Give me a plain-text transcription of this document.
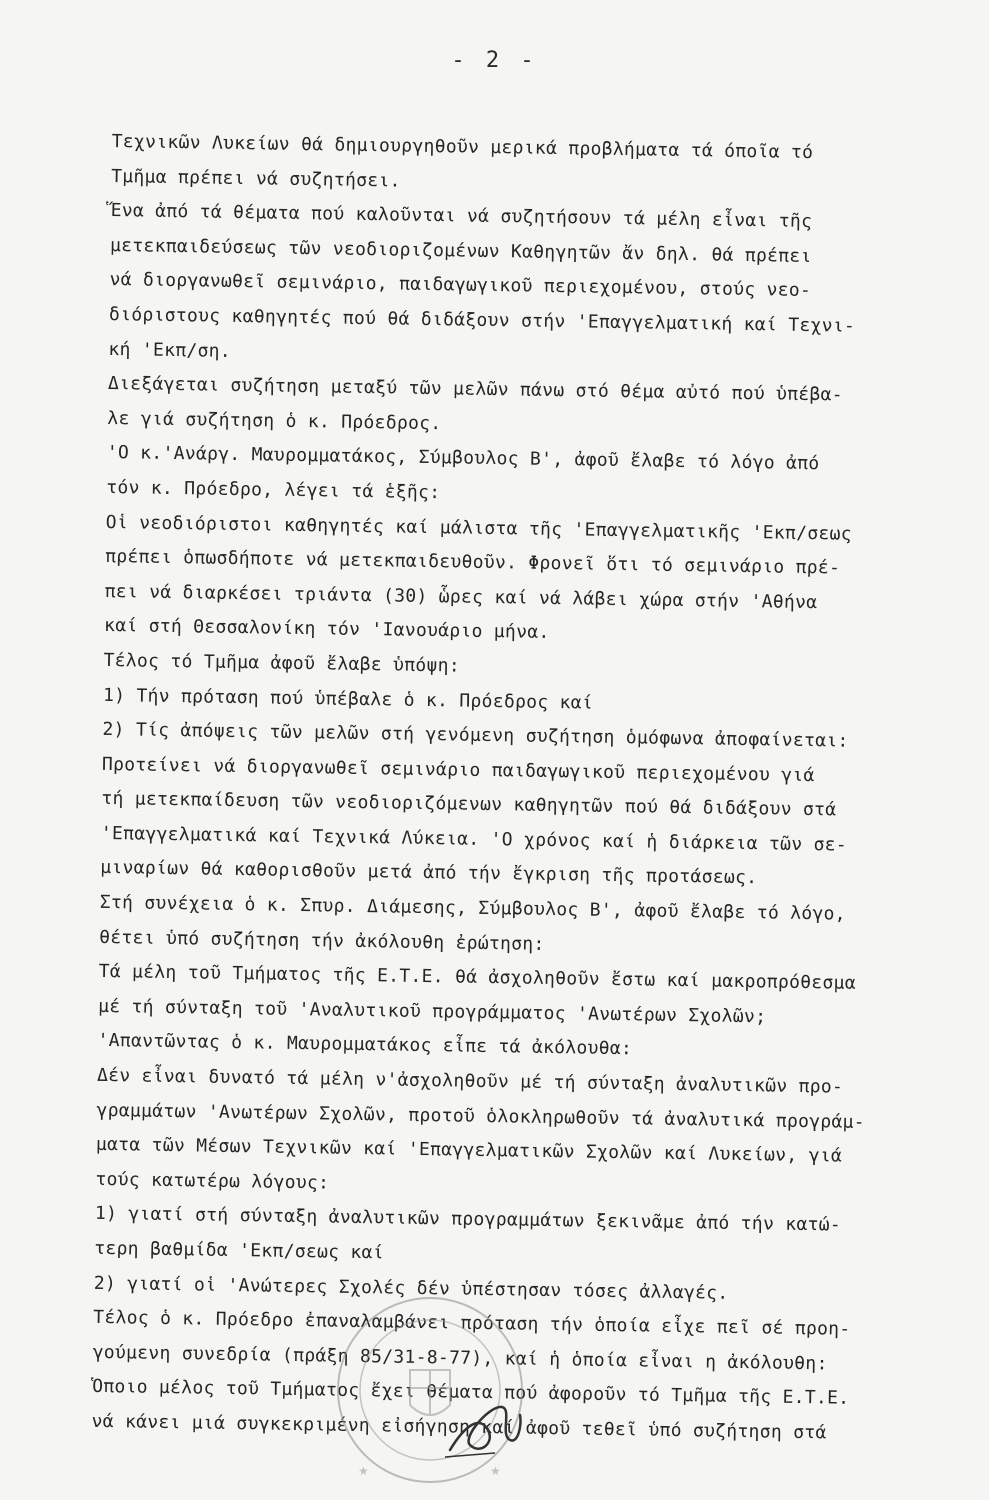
- 2 -
Τεχνικῶν Λυκείων θά δημιουργηθοῦν μερικά προβλήματα τά όποῖα τό
Τμῆμα πρέπει νά συζητήσει.
Ἕνα ἀπό τά θέματα πού καλοῦνται νά συζητήσουν τά μέλη εἶναι τῆς
μετεκπαιδεύσεως τῶν νεοδιοριζομένων Καθηγητῶν ἄν δηλ. θά πρέπει
νά διοργανωθεῖ σεμινάριο, παιδαγωγικοῦ περιεχομένου, στούς νεο-
διόριστους καθηγητές πού θά διδάξουν στήν 'Επαγγελματική καί Τεχνι-
κή 'Εκπ/ση.
Διεξάγεται συζήτηση μεταξύ τῶν μελῶν πάνω στό θέμα αὐτό πού ὑπέβα-
λε γιά συζήτηση ὁ κ. Πρόεδρος.
'Ο κ.'Ανάργ. Μαυρομματάκος, Σύμβουλος Β', ἀφοῦ ἔλαβε τό λόγο ἀπό
τόν κ. Πρόεδρο, λέγει τά ἑξῆς:
Οἱ νεοδιόριστοι καθηγητές καί μάλιστα τῆς 'Επαγγελματικῆς 'Εκπ/σεως
πρέπει ὁπωσδήποτε νά μετεκπαιδευθοῦν. Φρονεῖ ὅτι τό σεμινάριο πρέ-
πει νά διαρκέσει τριάντα (30) ὧρες καί νά λάβει χώρα στήν 'Αθήνα
καί στή Θεσσαλονίκη τόν 'Ιανουάριο μήνα.
Τέλος τό Τμῆμα ἀφοῦ ἔλαβε ὑπόψη:
1) Τήν πρόταση πού ὑπέβαλε ὁ κ. Πρόεδρος καί
2) Τίς ἀπόψεις τῶν μελῶν στή γενόμενη συζήτηση ὁμόφωνα ἀποφαίνεται:
Προτείνει νά διοργανωθεῖ σεμινάριο παιδαγωγικοῦ περιεχομένου γιά
τή μετεκπαίδευση τῶν νεοδιοριζόμενων καθηγητῶν πού θά διδάξουν στά
'Επαγγελματικά καί Τεχνικά Λύκεια. 'Ο χρόνος καί ἡ διάρκεια τῶν σε-
μιναρίων θά καθορισθοῦν μετά ἀπό τήν ἔγκριση τῆς προτάσεως.
Στή συνέχεια ὁ κ. Σπυρ. Διάμεσης, Σύμβουλος Β', ἀφοῦ ἔλαβε τό λόγο,
θέτει ὑπό συζήτηση τήν ἀκόλουθη ἐρώτηση:
Τά μέλη τοῦ Τμήματος τῆς Ε.Τ.Ε. θά ἀσχοληθοῦν ἔστω καί μακροπρόθεσμα
μέ τή σύνταξη τοῦ 'Αναλυτικοῦ προγράμματος 'Ανωτέρων Σχολῶν;
'Απαντῶντας ὁ κ. Μαυρομματάκος εἶπε τά ἀκόλουθα:
Δέν εἶναι δυνατό τά μέλη ν'ἀσχοληθοῦν μέ τή σύνταξη ἀναλυτικῶν προ-
γραμμάτων 'Ανωτέρων Σχολῶν, προτοῦ ὁλοκληρωθοῦν τά ἀναλυτικά προγράμ-
ματα τῶν Μέσων Τεχνικῶν καί 'Επαγγελματικῶν Σχολῶν καί Λυκείων, γιά
τούς κατωτέρω λόγους:
1) γιατί στή σύνταξη ἀναλυτικῶν προγραμμάτων ξεκινᾶμε ἀπό τήν κατώ-
τερη βαθμίδα 'Εκπ/σεως καί
2) γιατί οἱ 'Ανώτερες Σχολές δέν ὑπέστησαν τόσες ἀλλαγές.
Τέλος ὁ κ. Πρόεδρο ἐπαναλαμβάνει πρόταση τήν ὁποία εἶχε πεῖ σέ προη-
γούμενη συνεδρία (πράξη 85/31-8-77), καί ἡ ὁποία εἶναι η ἀκόλουθη:
Ὁποιο μέλος τοῦ Τμήματος ἔχει θέματα πού ἀφοροῦν τό Τμῆμα τῆς Ε.Τ.Ε.
νά κάνει μιά συγκεκριμένη εἰσήγηση καί ἀφοῦ τεθεῖ ὑπό συζήτηση στά
★	★
